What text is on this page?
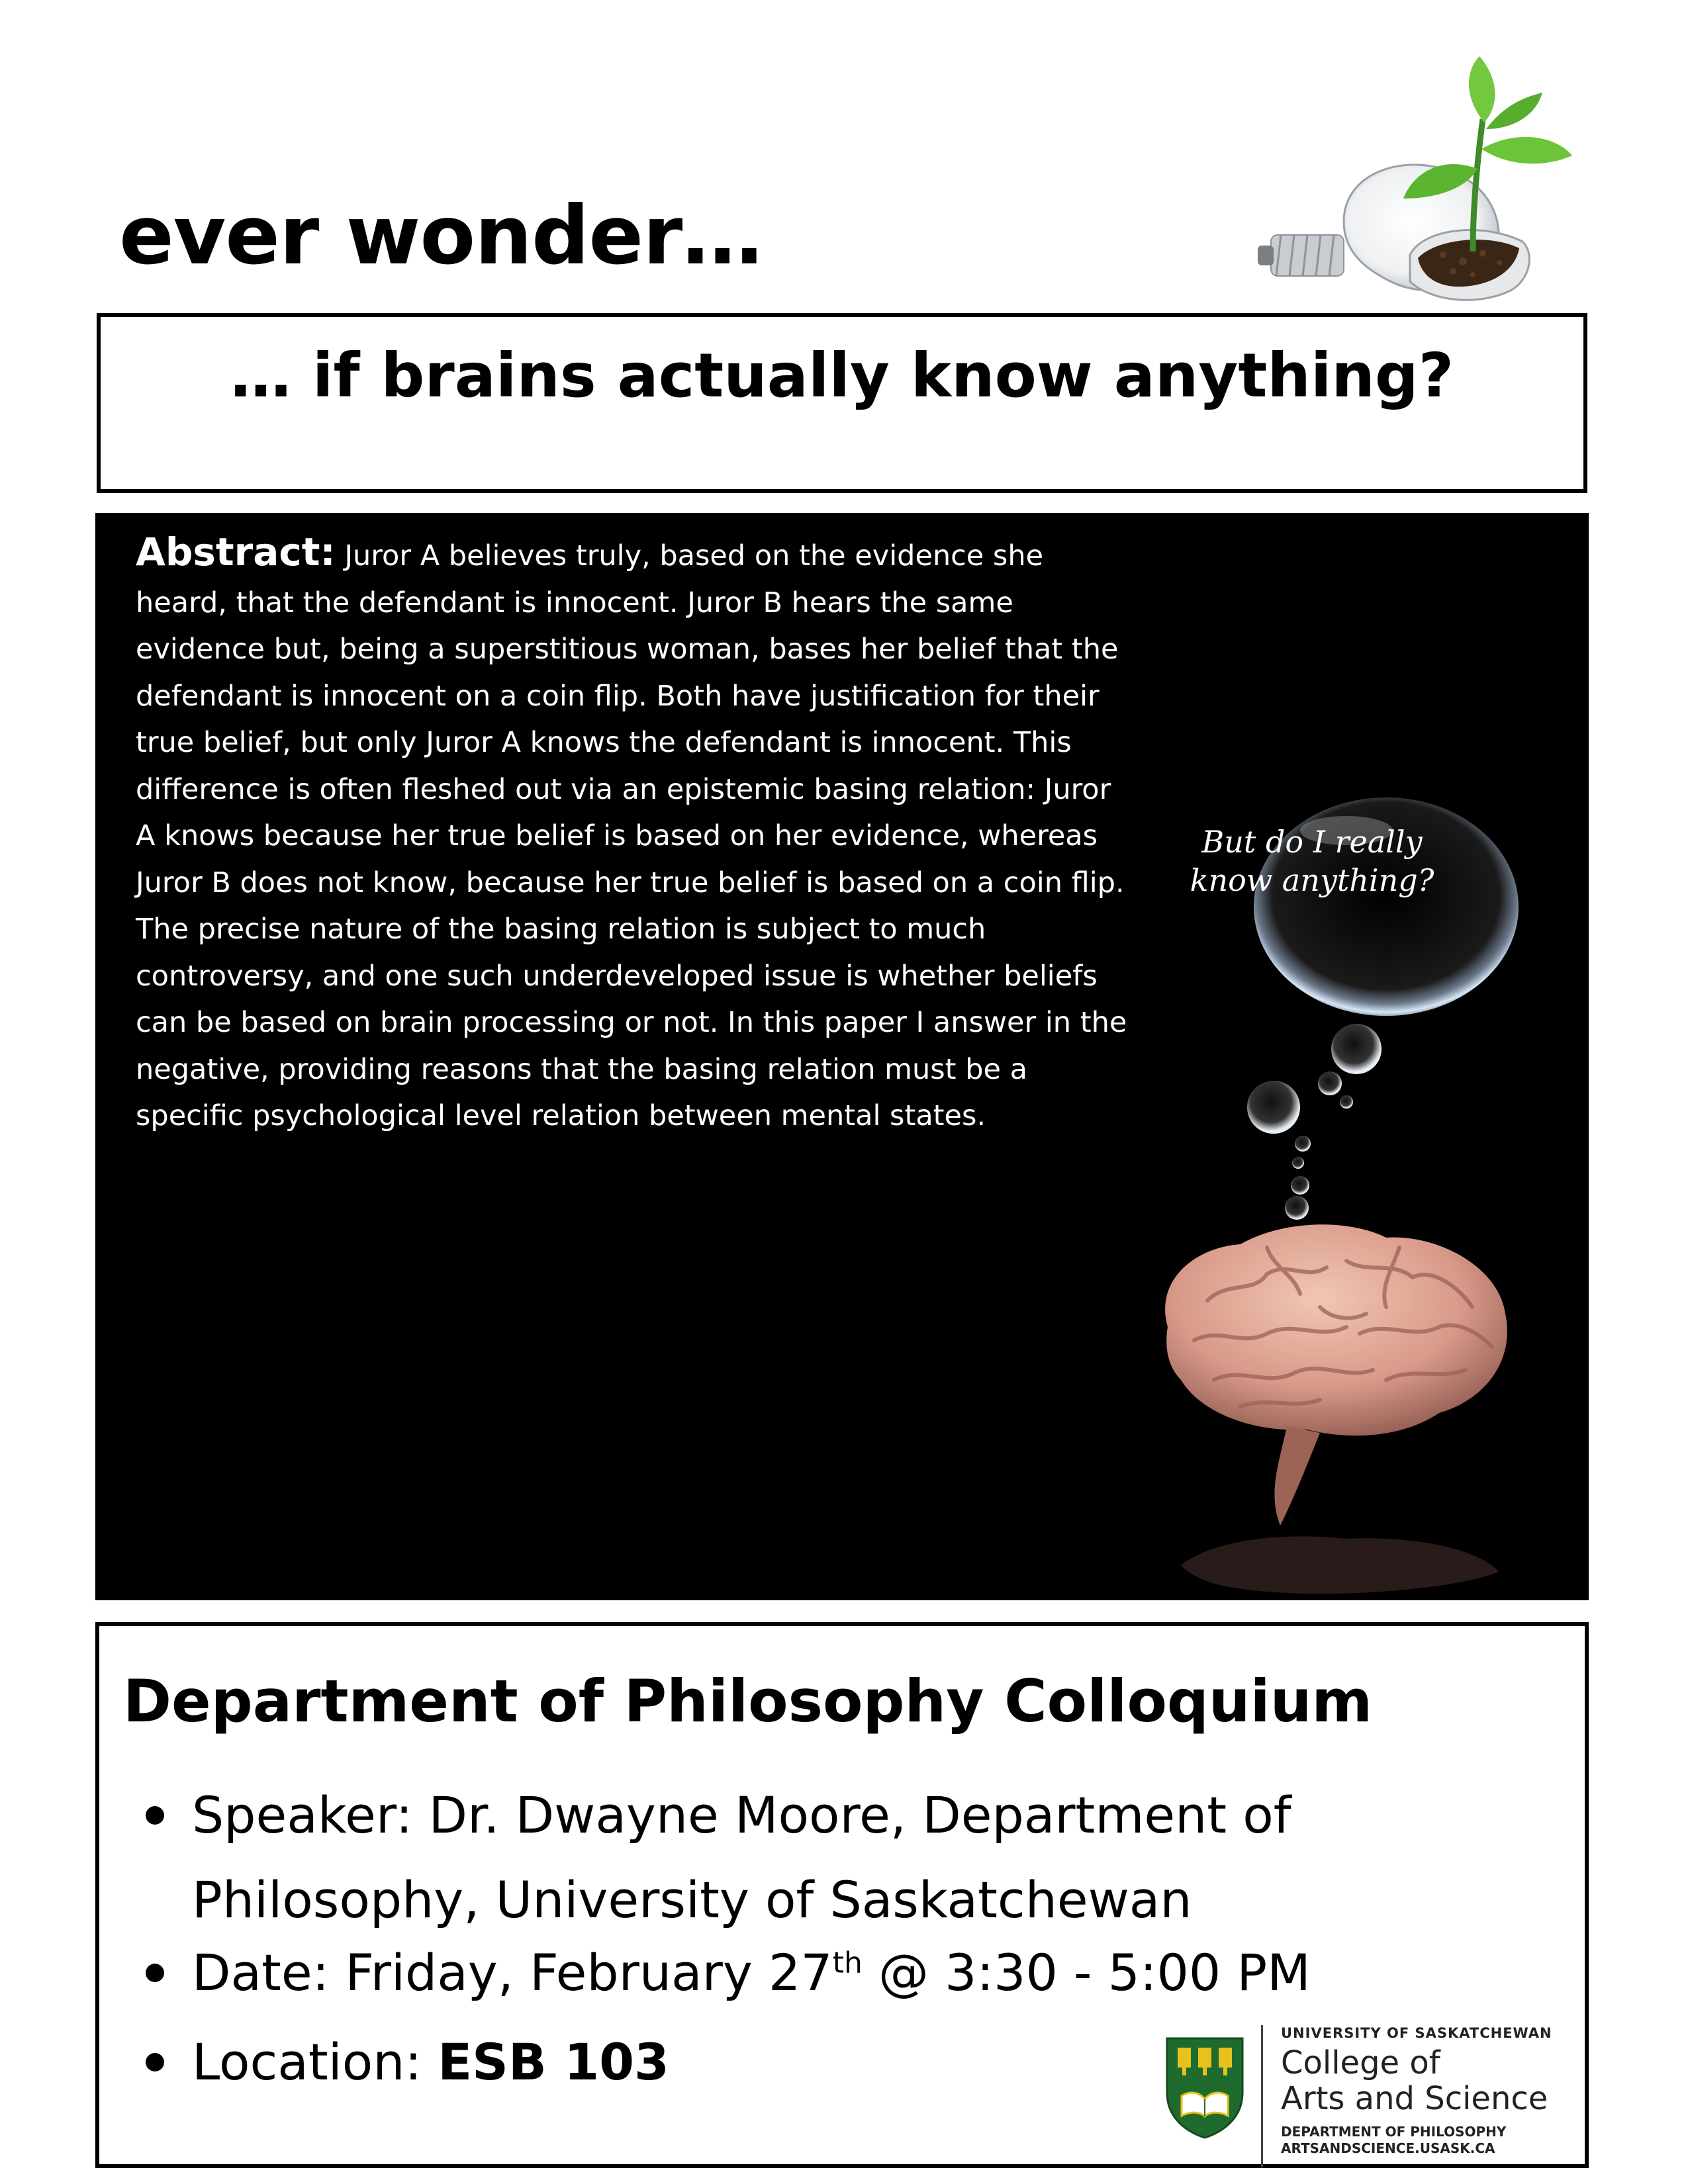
ever wonder…
… if brains actually know anything?
Abstract: Juror A believes truly, based on the evidence she heard, that the defendant is innocent. Juror B hears the same evidence but, being a superstitious woman, bases her belief that the defendant is innocent on a coin flip. Both have justification for their true belief, but only Juror A knows the defendant is innocent. This difference is often fleshed out via an epistemic basing relation: Juror A knows because her true belief is based on her evidence, whereas Juror B does not know, because her true belief is based on a coin flip. The precise nature of the basing relation is subject to much controversy, and one such underdeveloped issue is whether beliefs can be based on brain processing or not. In this paper I answer in the negative, providing reasons that the basing relation must be a specific psychological level relation between mental states.
But do I really
know anything?
Department of Philosophy Colloquium
Speaker: Dr. Dwayne Moore, Department of
Philosophy, University of Saskatchewan
Date: Friday, February 27th @ 3:30 - 5:00 PM
Location: ESB 103	UNIVERSITY OF SASKATCHEWAN
College of
Arts and Science
DEPARTMENT OF PHILOSOPHY
ARTSANDSCIENCE.USASK.CA
